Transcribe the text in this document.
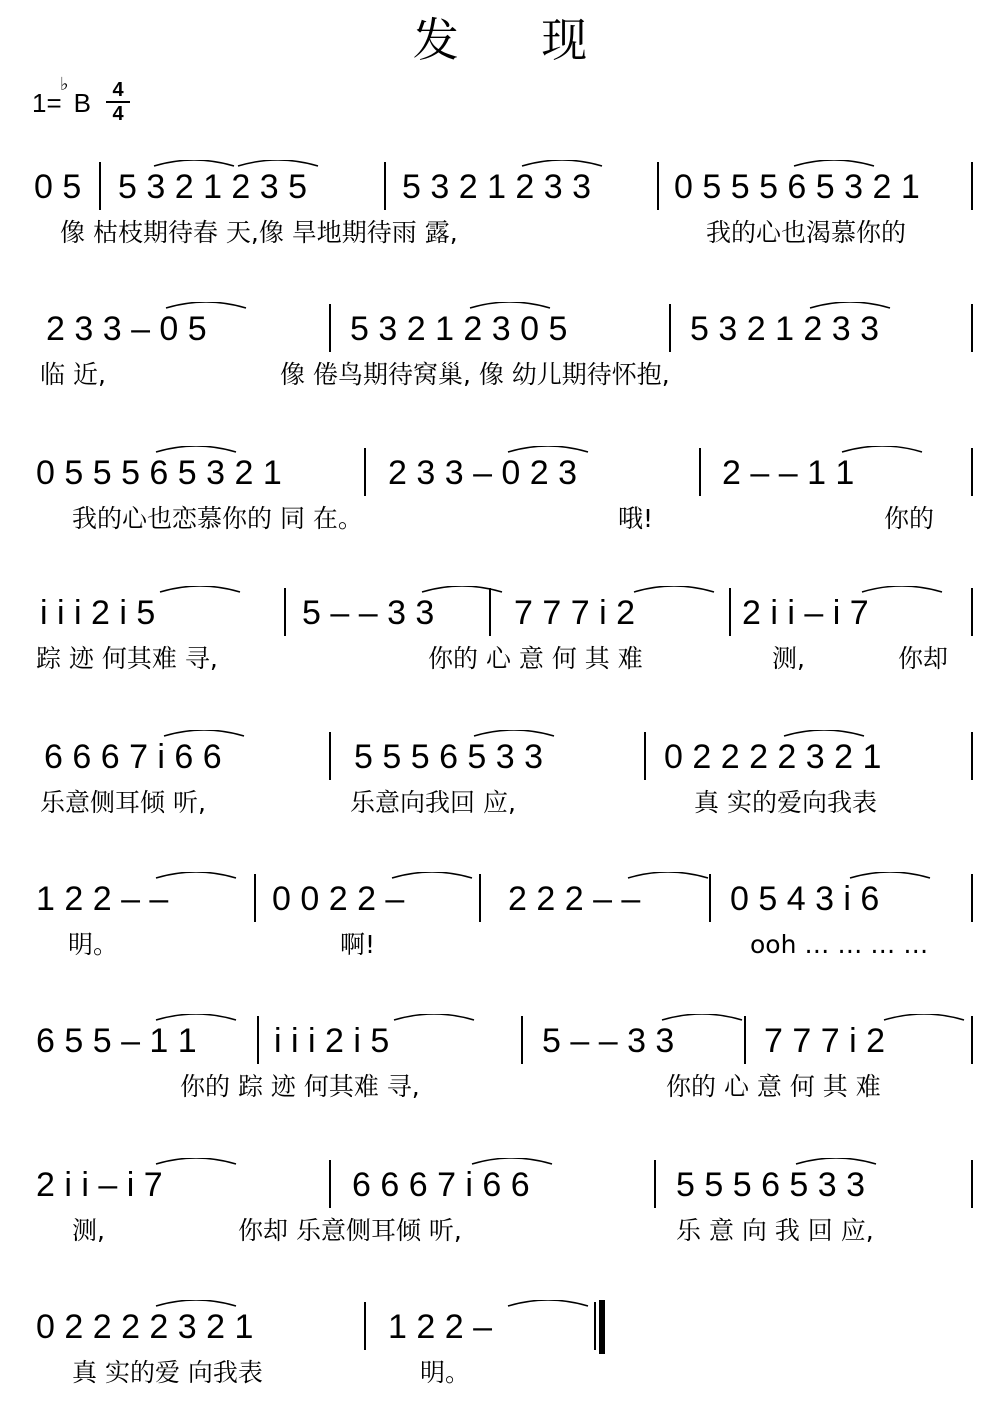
发 现
1=
♭
B	4
4
0 5 5 3 2 1 2 3 5	5 3 2 1 2 3 3 0 5 5 5 6 5 3 2 1
像 枯枝期待春 天,像 旱地期待雨 露,	我的心也渴慕你的
2 3 3 – 0 5	5 3 2 1 2 3 0 5	5 3 2 1 2 3 3
临 近,	像 倦鸟期待窝巢, 像 幼儿期待怀抱,
0 5 5 5 6 5 3 2 1	2 3 3 – 0 2 3	2 – – 1 1
我的心也恋慕你的 同 在。	哦!	你的
i i i 2 i 5	5 – – 3 3 7 7 7 i 2	2 i i – i 7
踪 迹 何其难 寻,	你的 心 意 何 其 难	测,	你却
6 6 6 7 i 6 6	5 5 5 6 5 3 3	0 2 2 2 2 3 2 1
乐意侧耳倾 听,	乐意向我回 应,	真 实的爱向我表
1 2 2 – –	0 0 2 2 –	2 2 2 – –	0 5 4 3 i 6
明。	啊!	ooh … … … …
6 5 5 – 1 1 i i i 2 i 5	5 – – 3 3	7 7 7 i 2
你的 踪 迹 何其难 寻,	你的 心 意 何 其 难
2 i i – i 7	6 6 6 7 i 6 6	5 5 5 6 5 3 3
测,	你却 乐意侧耳倾 听,	乐 意 向 我 回 应,
0 2 2 2 2 3 2 1	1 2 2 –
真 实的爱 向我表	明。
